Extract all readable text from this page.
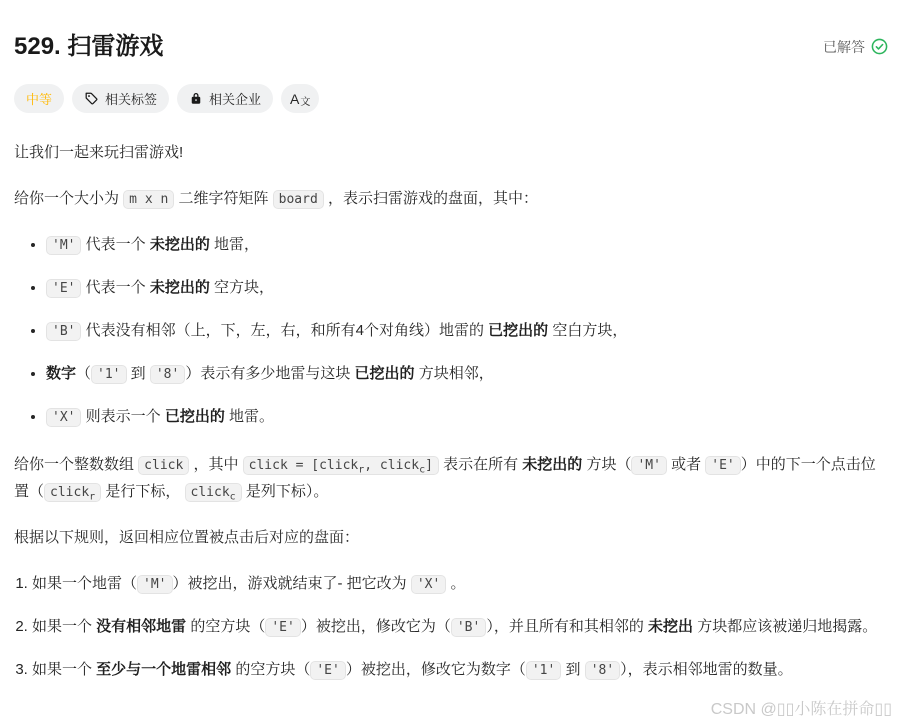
529. 扫雷游戏	已解答
中等	相关标签	相关企业 A文

让我们一起来玩扫雷游戏!

给你一个大小为 m x n 二维字符矩阵 board ，表示扫雷游戏的盘面，其中：

• 'M' 代表一个 未挖出的 地雷，
• 'E' 代表一个 未挖出的 空方块，
• 'B' 代表没有相邻（上，下，左，右，和所有4个对角线）地雷的 已挖出的 空白方块，
• 数字（ '1' 到 '8' ）表示有多少地雷与这块 已挖出的 方块相邻，
• 'X' 则表示一个 已挖出的 地雷。

给你一个整数数组 click ，其中 click = [click$_r$, click$_c$] 表示在所有 未挖出的 方块（ 'M' 或者 'E' ）中的下一个点击位置（ click$_r$ 是行下标， click$_c$ 是列下标）。

根据以下规则，返回相应位置被点击后对应的盘面：

1. 如果一个地雷（ 'M' ）被挖出，游戏就结束了- 把它改为 'X' 。
2. 如果一个 没有相邻地雷 的空方块（ 'E' ）被挖出，修改它为（ 'B' ），并且所有和其相邻的 未挖出 方块都应该被递归地揭露。
3. 如果一个 至少与一个地雷相邻 的空方块（ 'E' ）被挖出，修改它为数字（ '1' 到 '8' ），表示相邻地雷的数量。
CSDN @▯▯小陈在拼命▯▯
